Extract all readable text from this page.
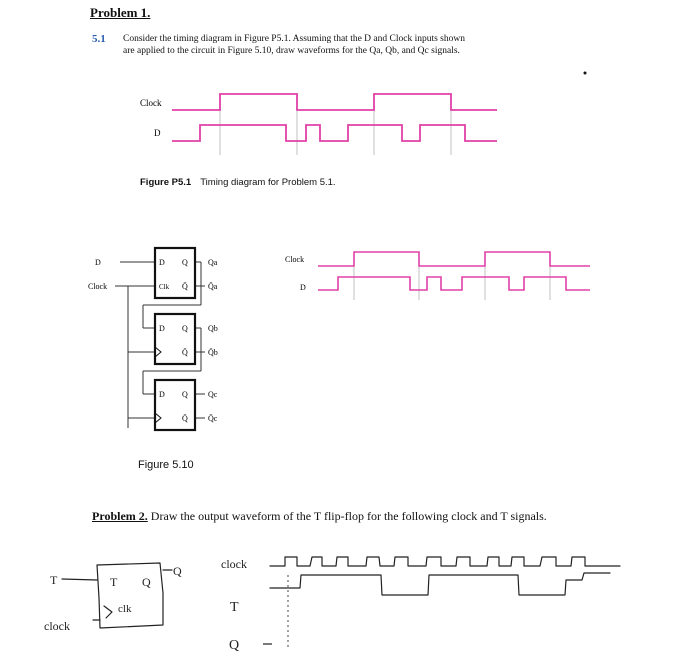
Problem 1.
5.1 Consider the timing diagram in Figure P5.1. Assuming that the D and Clock inputs shown
are applied to the circuit in Figure 5.10, draw waveforms for the Qa, Qb, and Qc signals.
Clock
D
Figure P5.1 Timing diagram for Problem 5.1.
D
Clock
D Q
Clk Q̄
Qa
Q̄a
D Q
Q̄
Qb
Q̄b
D Q
Q̄
Qc
Q̄c
Figure 5.10
Clock
D
Problem 2. Draw the output waveform of the T flip-flop for the following clock and T signals.
T	T Q
Q
clk
clock
clock
T
Q
